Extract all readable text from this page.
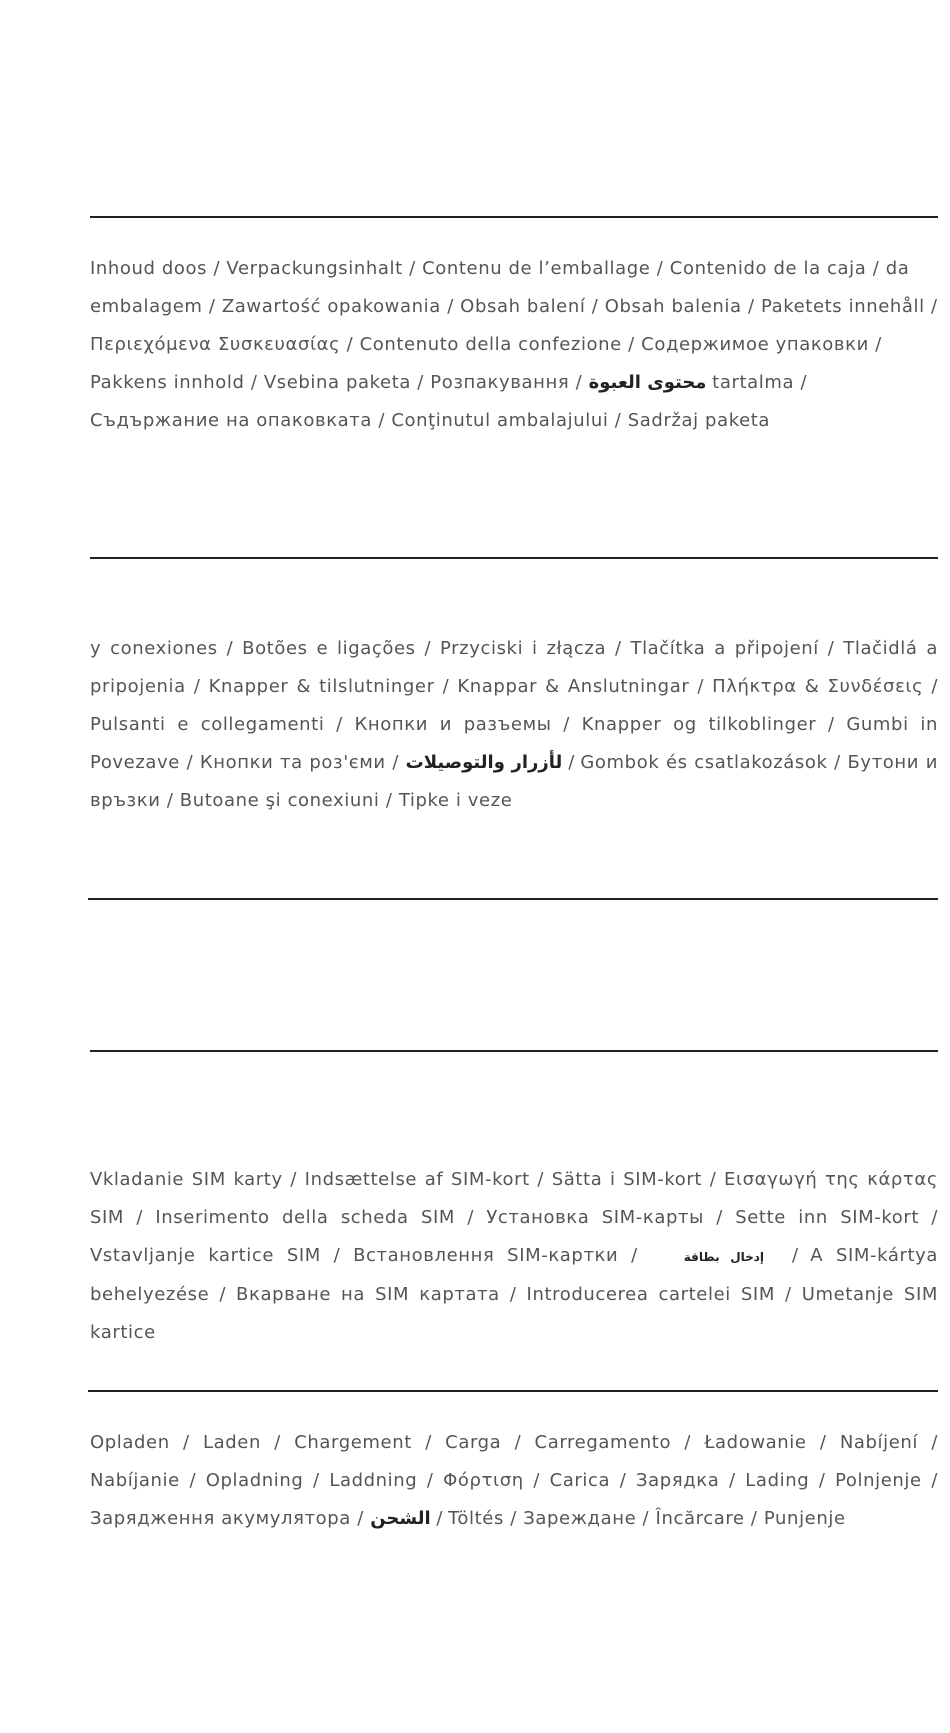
Inhoud doos / Verpackungsinhalt / Contenu de l’emballage / Contenido de la caja / da embalagem / Zawartość opakowania / Obsah balení / Obsah balenia / Paketets innehåll / Περιεχόμενα Συσκευασίας / Contenuto della confezione / Содержимое упаковки / Pakkens innhold / Vsebina paketa / Розпакування / محتوى العبوة tartalma / Съдържание на опаковката / Conţinutul ambalajului / Sadržaj paketa

y conexiones / Botões e ligações / Przyciski i złącza / Tlačítka a připojení / Tlačidlá a pripojenia / Knapper & tilslutninger / Knappar & Anslutningar / Πλήκτρα & Συνδέσεις / Pulsanti e collegamenti / Кнопки и разъемы / Knapper og tilkoblinger / Gumbi in Povezave / Кнопки та роз'єми / لأزرار والتوصيلات / Gombok és csatlakozások / Бутони и връзки / Butoane şi conexiuni / Tipke i veze

Vkladanie SIM karty / Indsættelse af SIM-kort / Sätta i SIM-kort / Εισαγωγή της κάρτας SIM / Inserimento della scheda SIM / Установка SIM-карты / Sette inn SIM-kort / Vstavljanje kartice SIM / Встановлення SIM-картки /	إدخال بطاقة / A SIM-kártya behelyezése / Вкарване на SIM картата / Introducerea cartelei SIM / Umetanje SIM kartice

Opladen / Laden / Chargement / Carga / Carregamento / Ładowanie / Nabíjení / Nabíjanie / Opladning / Laddning / Φόρτιση / Carica / Зарядка / Lading / Polnjenje / Зарядження акумулятора / الشحن / Töltés / Зареждане / Încărcare / Punjenje
